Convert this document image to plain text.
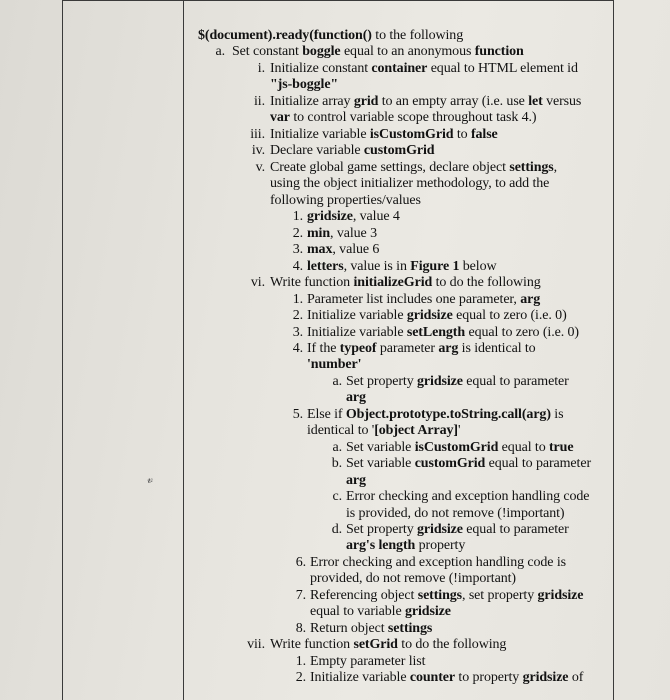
𝓋
$(document).ready(function() to the following
a. Set constant boggle equal to an anonymous function
i. Initialize constant container equal to HTML element id
"js-boggle"
ii. Initialize array grid to an empty array (i.e. use let versus
var to control variable scope throughout task 4.)
iii. Initialize variable isCustomGrid to false
iv. Declare variable customGrid
v. Create global game settings, declare object settings,
using the object initializer methodology, to add the
following properties/values
1. gridsize, value 4
2. min, value 3
3. max, value 6
4. letters, value is in Figure 1 below
vi. Write function initializeGrid to do the following
1. Parameter list includes one parameter, arg
2. Initialize variable gridsize equal to zero (i.e. 0)
3. Initialize variable setLength equal to zero (i.e. 0)
4. If the typeof parameter arg is identical to
'number'
a. Set property gridsize equal to parameter
arg
5. Else if Object.prototype.toString.call(arg) is
identical to '[object Array]'
a. Set variable isCustomGrid equal to true
b. Set variable customGrid equal to parameter
arg
c. Error checking and exception handling code
is provided, do not remove (!important)
d. Set property gridsize equal to parameter
arg's length property
6. Error checking and exception handling code is
provided, do not remove (!important)
7. Referencing object settings, set property gridsize
equal to variable gridsize
8. Return object settings
vii. Write function setGrid to do the following
1. Empty parameter list
2. Initialize variable counter to property gridsize of
